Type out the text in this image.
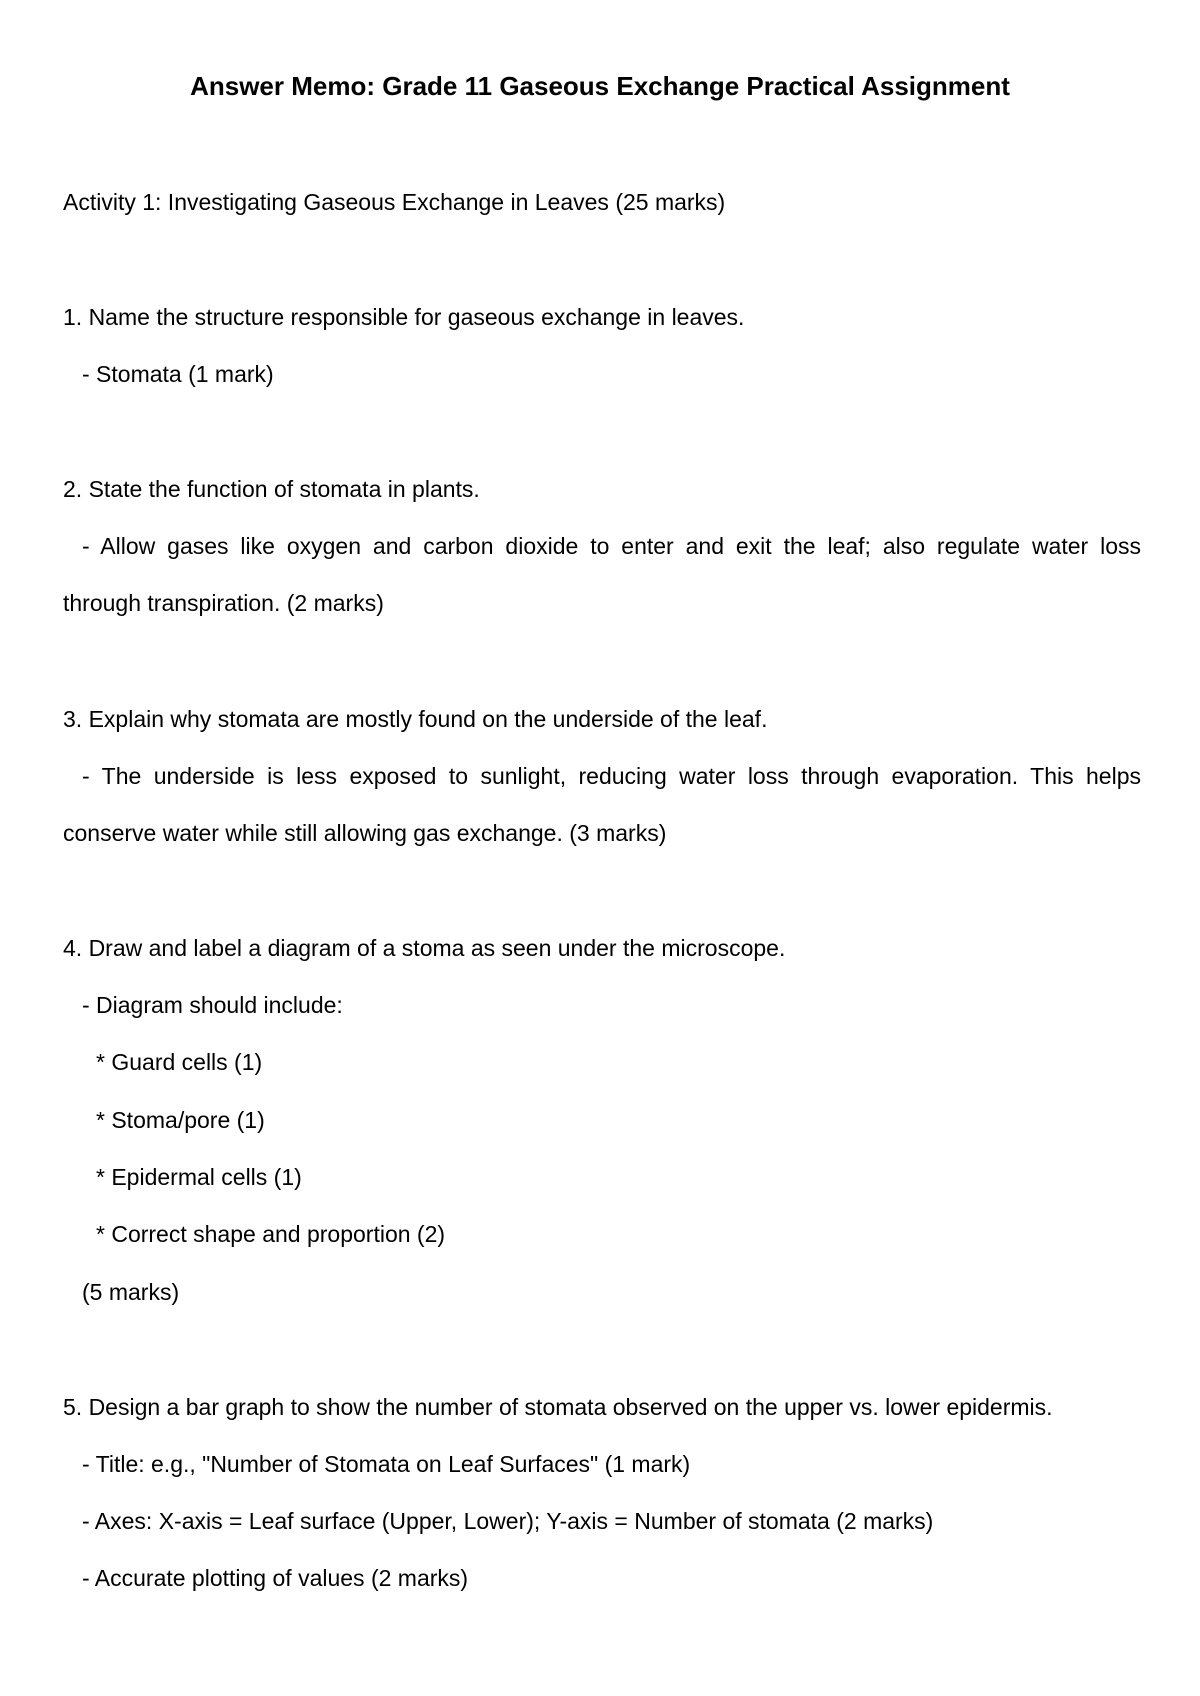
Answer Memo: Grade 11 Gaseous Exchange Practical Assignment
Activity 1: Investigating Gaseous Exchange in Leaves (25 marks)
1. Name the structure responsible for gaseous exchange in leaves.
- Stomata (1 mark)
2. State the function of stomata in plants.
- Allow gases like oxygen and carbon dioxide to enter and exit the leaf; also regulate water loss
through transpiration. (2 marks)
3. Explain why stomata are mostly found on the underside of the leaf.
- The underside is less exposed to sunlight, reducing water loss through evaporation. This helps
conserve water while still allowing gas exchange. (3 marks)
4. Draw and label a diagram of a stoma as seen under the microscope.
- Diagram should include:
* Guard cells (1)
* Stoma/pore (1)
* Epidermal cells (1)
* Correct shape and proportion (2)
(5 marks)
5. Design a bar graph to show the number of stomata observed on the upper vs. lower epidermis.
- Title: e.g., "Number of Stomata on Leaf Surfaces" (1 mark)
- Axes: X-axis = Leaf surface (Upper, Lower); Y-axis = Number of stomata (2 marks)
- Accurate plotting of values (2 marks)
